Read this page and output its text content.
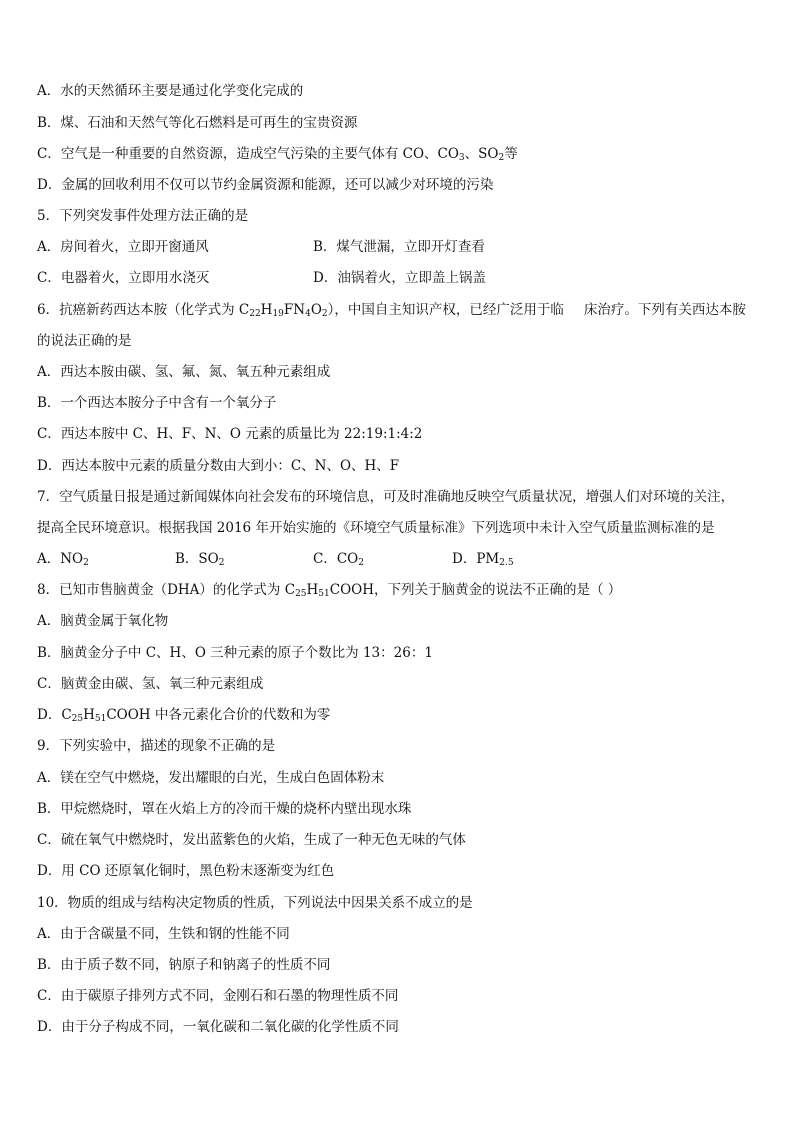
A．水的天然循环主要是通过化学变化完成的
B．煤、石油和天然气等化石燃料是可再生的宝贵资源
C．空气是一种重要的自然资源，造成空气污染的主要气体有 CO、$CO_3$、$SO_2$等
D．金属的回收利用不仅可以节约金属资源和能源，还可以减少对环境的污染
5．下列突发事件处理方法正确的是
A．房间着火，立即开窗通风	B．煤气泄漏，立即开灯查看
C．电器着火，立即用水浇灭	D．油锅着火，立即盖上锅盖
6．抗癌新药西达本胺（化学式为 $C_{22}H_{19}FN_4O_2$），中国自主知识产权，已经广泛用于临 床治疗。下列有关西达本胺
的说法正确的是
A．西达本胺由碳、氢、氟、氮、氧五种元素组成
B．一个西达本胺分子中含有一个氧分子
C．西达本胺中 C、H、F、N、O 元素的质量比为 22:19:1:4:2
D．西达本胺中元素的质量分数由大到小：C、N、O、H、F
7．空气质量日报是通过新闻媒体向社会发布的环境信息，可及时准确地反映空气质量状况，增强人们对环境的关注，
提高全民环境意识。根据我国 2016 年开始实施的《环境空气质量标准》下列选项中未计入空气质量监测标准的是
A．$NO_2$	B．$SO_2$	C．$CO_2$	D．$PM_{2.5}$
8．已知市售脑黄金（DHA）的化学式为 $C_{25}H_{51}COOH$，下列关于脑黄金的说法不正确的是（ ）
A．脑黄金属于氧化物
B．脑黄金分子中 C、H、O 三种元素的原子个数比为 13：26：1
C．脑黄金由碳、氢、氧三种元素组成
D．$C_{25}H_{51}COOH$ 中各元素化合价的代数和为零
9．下列实验中，描述的现象不正确的是
A．镁在空气中燃烧，发出耀眼的白光，生成白色固体粉末
B．甲烷燃烧时，罩在火焰上方的冷而干燥的烧杯内壁出现水珠
C．硫在氧气中燃烧时，发出蓝紫色的火焰，生成了一种无色无味的气体
D．用 CO 还原氧化铜时，黑色粉末逐渐变为红色
10．物质的组成与结构决定物质的性质，下列说法中因果关系不成立的是
A．由于含碳量不同，生铁和钢的性能不同
B．由于质子数不同，钠原子和钠离子的性质不同
C．由于碳原子排列方式不同，金刚石和石墨的物理性质不同
D．由于分子构成不同，一氧化碳和二氧化碳的化学性质不同
